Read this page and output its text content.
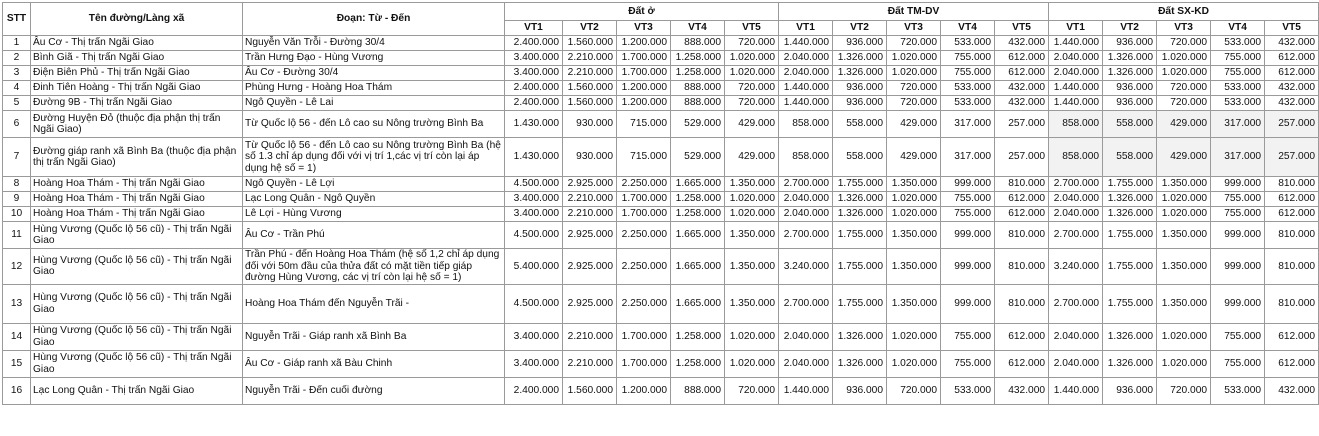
STT	Tên đường/Làng xã	Đoạn: Từ - Đến	Đất ở					Đất TM-DV					Đất SX-KD				
			VT1	VT2	VT3	VT4	VT5	VT1	VT2	VT3	VT4	VT5	VT1	VT2	VT3	VT4	VT5
1	Âu Cơ - Thị trấn Ngãi Giao	Nguyễn Văn Trỗi - Đường 30/4	2.400.000	1.560.000	1.200.000	888.000	720.000	1.440.000	936.000	720.000	533.000	432.000	1.440.000	936.000	720.000	533.000	432.000
2	Bình Giã - Thị trấn Ngãi Giao	Trần Hưng Đạo - Hùng Vương	3.400.000	2.210.000	1.700.000	1.258.000	1.020.000	2.040.000	1.326.000	1.020.000	755.000	612.000	2.040.000	1.326.000	1.020.000	755.000	612.000
3	Điện Biên Phủ - Thị trấn Ngãi Giao	Âu Cơ - Đường 30/4	3.400.000	2.210.000	1.700.000	1.258.000	1.020.000	2.040.000	1.326.000	1.020.000	755.000	612.000	2.040.000	1.326.000	1.020.000	755.000	612.000
4	Đinh Tiên Hoàng - Thị trấn Ngãi Giao	Phùng Hưng - Hoàng Hoa Thám	2.400.000	1.560.000	1.200.000	888.000	720.000	1.440.000	936.000	720.000	533.000	432.000	1.440.000	936.000	720.000	533.000	432.000
5	Đường 9B - Thị trấn Ngãi Giao	Ngô Quyền - Lê Lai	2.400.000	1.560.000	1.200.000	888.000	720.000	1.440.000	936.000	720.000	533.000	432.000	1.440.000	936.000	720.000	533.000	432.000
6	Đường Huyện Đỏ (thuộc địa phận thị trấn Ngãi Giao)	Từ Quốc lộ 56 - đến Lô cao su Nông trường Bình Ba	1.430.000	930.000	715.000	529.000	429.000	858.000	558.000	429.000	317.000	257.000	858.000	558.000	429.000	317.000	257.000
7	Đường giáp ranh xã Bình Ba (thuộc địa phận thị trấn Ngãi Giao)	Từ Quốc lộ 56 - đến Lô cao su Nông trường Bình Ba (hệ số 1.3 chỉ áp dụng đối với vị trí 1,các vị trí còn lại áp dụng hệ số = 1)	1.430.000	930.000	715.000	529.000	429.000	858.000	558.000	429.000	317.000	257.000	858.000	558.000	429.000	317.000	257.000
8	Hoàng Hoa Thám - Thị trấn Ngãi Giao	Ngô Quyền - Lê Lợi	4.500.000	2.925.000	2.250.000	1.665.000	1.350.000	2.700.000	1.755.000	1.350.000	999.000	810.000	2.700.000	1.755.000	1.350.000	999.000	810.000
9	Hoàng Hoa Thám - Thị trấn Ngãi Giao	Lạc Long Quân - Ngô Quyền	3.400.000	2.210.000	1.700.000	1.258.000	1.020.000	2.040.000	1.326.000	1.020.000	755.000	612.000	2.040.000	1.326.000	1.020.000	755.000	612.000
10	Hoàng Hoa Thám - Thị trấn Ngãi Giao	Lê Lợi - Hùng Vương	3.400.000	2.210.000	1.700.000	1.258.000	1.020.000	2.040.000	1.326.000	1.020.000	755.000	612.000	2.040.000	1.326.000	1.020.000	755.000	612.000
11	Hùng Vương (Quốc lộ 56 cũ) - Thị trấn Ngãi Giao	Âu Cơ - Trần Phú	4.500.000	2.925.000	2.250.000	1.665.000	1.350.000	2.700.000	1.755.000	1.350.000	999.000	810.000	2.700.000	1.755.000	1.350.000	999.000	810.000
12	Hùng Vương (Quốc lộ 56 cũ) - Thị trấn Ngãi Giao	Trần Phú - đến Hoàng Hoa Thám (hệ số 1,2 chỉ áp dụng đối với 50m đầu của thửa đất có mặt tiền tiếp giáp đường Hùng Vương, các vị trí còn lại hệ số = 1)	5.400.000	2.925.000	2.250.000	1.665.000	1.350.000	3.240.000	1.755.000	1.350.000	999.000	810.000	3.240.000	1.755.000	1.350.000	999.000	810.000
13	Hùng Vương (Quốc lộ 56 cũ) - Thị trấn Ngãi Giao	Hoàng Hoa Thám đến Nguyễn Trãi -	4.500.000	2.925.000	2.250.000	1.665.000	1.350.000	2.700.000	1.755.000	1.350.000	999.000	810.000	2.700.000	1.755.000	1.350.000	999.000	810.000
14	Hùng Vương (Quốc lộ 56 cũ) - Thị trấn Ngãi Giao	Nguyễn Trãi - Giáp ranh xã Bình Ba	3.400.000	2.210.000	1.700.000	1.258.000	1.020.000	2.040.000	1.326.000	1.020.000	755.000	612.000	2.040.000	1.326.000	1.020.000	755.000	612.000
15	Hùng Vương (Quốc lộ 56 cũ) - Thị trấn Ngãi Giao	Âu Cơ - Giáp ranh xã Bàu Chinh	3.400.000	2.210.000	1.700.000	1.258.000	1.020.000	2.040.000	1.326.000	1.020.000	755.000	612.000	2.040.000	1.326.000	1.020.000	755.000	612.000
16	Lạc Long Quân - Thị trấn Ngãi Giao	Nguyễn Trãi - Đến cuối đường	2.400.000	1.560.000	1.200.000	888.000	720.000	1.440.000	936.000	720.000	533.000	432.000	1.440.000	936.000	720.000	533.000	432.000
